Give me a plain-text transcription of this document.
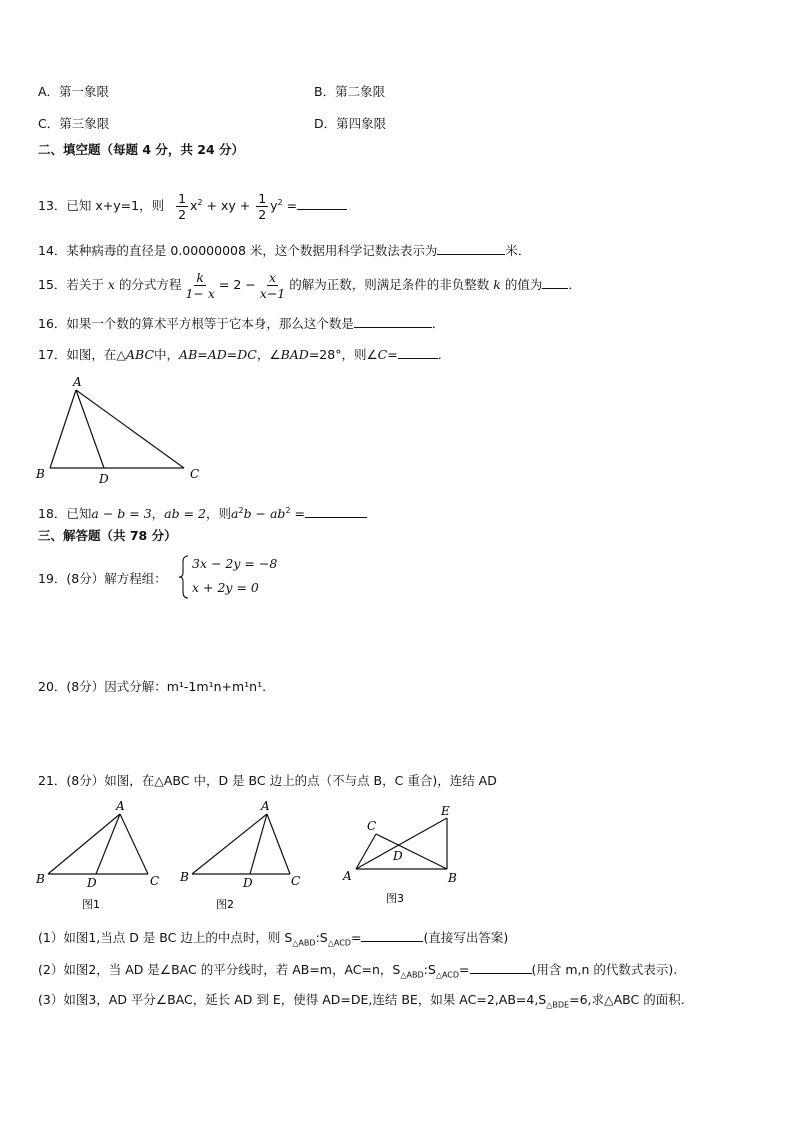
A．第一象限	B．第二象限
C．第三象限	D．第四象限
二、填空题（每题 4 分，共 24 分）
13．已知 x+y=1，则 $\frac{1}{2} x^2$ + xy + $\frac{1}{2} y^2$ =
14．某种病毒的直径是 0.00000008 米，这个数据用科学记数法表示为	米．
15．若关于 x 的分式方程 $\frac{k}{1- x} = 2 - \frac{x}{x-1}$ 的解为正数，则满足条件的非负整数 k 的值为 ．
16．如果一个数的算术平方根等于它本身，那么这个数是	．
17．如图，在△ABC中，AB=AD=DC，∠BAD=28°，则∠C=	.
A
B	C
D
A
B	C
D
图1
A
B	C
D
图2
E
C
D
A	B
图3
18．已知a − b = 3，ab = 2，则$a^2b - ab^2$ =
三、解答题（共 78 分）
19．(8分）解方程组：
3x − 2y = −8
x + 2y = 0
20．(8分）因式分解：m¹-1m¹n+m¹n¹.
21．(8分）如图，在△ABC 中，D 是 BC 边上的点（不与点 B，C 重合)，连结 AD
(1）如图1,当点 D 是 BC 边上的中点时，则 $S_{\triangle ABD}:S_{\triangle ACD}=$	(直接写出答案)
(2）如图2，当 AD 是∠BAC 的平分线时，若 AB=m，AC=n，$S_{\triangle ABD}:S_{\triangle ACD}=$	(用含 m,n 的代数式表示).
(3）如图3，AD 平分∠BAC，延长 AD 到 E，使得 AD=DE,连结 BE，如果 $AC=2,AB=4,S_{\triangle BDE}=6$,求△ABC 的面积．
